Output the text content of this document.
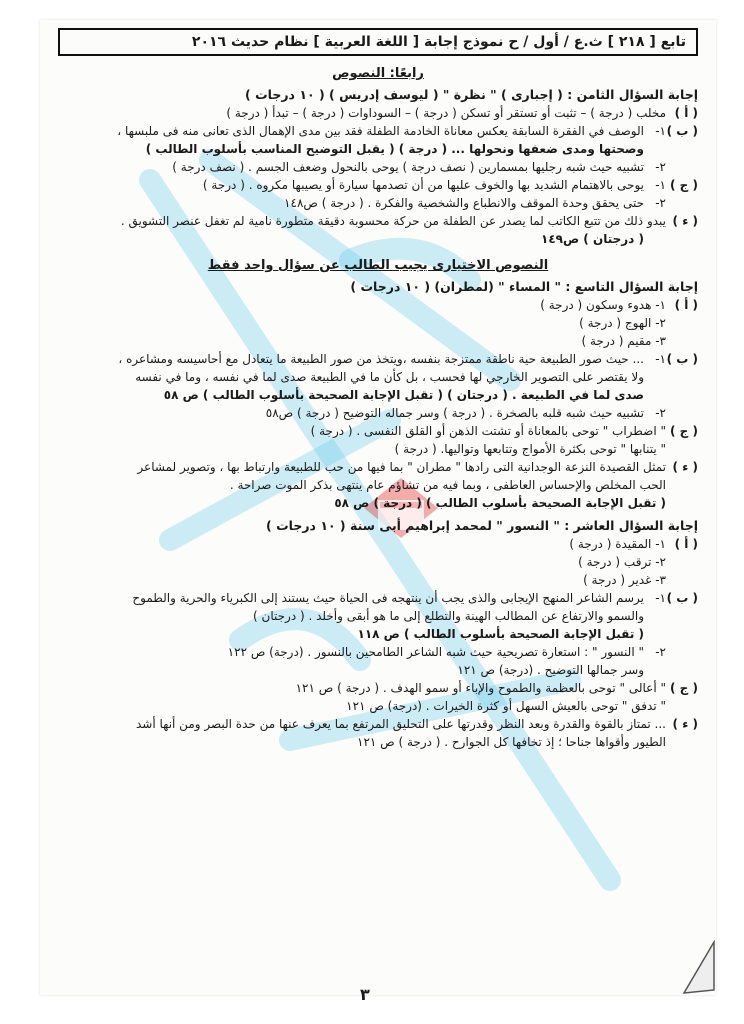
تابع [ ٢١٨ ] ث.ع / أول / ح نموذج إجابة [ اللغة العربية ] نظام حديث ٢٠١٦
رابعًا: النصوص
إجابة السؤال الثامن : ( إجبارى ) " نظرة " ( ليوسف إدريس ) ( ١٠ درجات )
( أ )
مخلب ( درجة ) – تثبت أو تستقر أو تسكن ( درجة ) – السوداوات ( درجة ) – تبدأ ( درجة )
( ب )
١-
الوصف في الفقرة السابقة يعكس معاناة الخادمة الطفلة فقد بين مدى الإهمال الذى تعانى منه فى ملبسها ،
وصحتها ومدى ضعفها ونحولها ... ( درجة ) ( يقبل التوضيح المناسب بأسلوب الطالب )
٢-
تشبيه حيث شبه رجليها بمسمارين ( نصف درجة ) يوحى بالنحول وضعف الجسم . ( نصف درجة )
( ج )
١-
يوحى بالاهتمام الشديد بها والخوف عليها من أن تصدمها سيارة أو يصيبها مكروه . ( درجة )
٢-
حتى يحقق وحدة الموقف والانطباع والشخصية والفكرة . ( درجة ) ص١٤٨
( ء )
يبدو ذلك من تتبع الكاتب لما يصدر عن الطفلة من حركة محسوبة دقيقة متطورة نامية لم تغفل عنصر التشويق .
( درجتان ) ص١٤٩
النصوص الاختيارى يجيب الطالب عن سؤال واحد فقط
إجابة السؤال التاسع : " المساء " (لمطران) ( ١٠ درجات )
( أ )
١- هدوء وسكون ( درجة )
٢- الهوج ( درجة )
٣- مقيم ( درجة )
( ب )
١-
... حيث صور الطبيعة حية ناطقة ممتزجة بنفسه ،ويتخذ من صور الطبيعة ما يتعادل مع أحاسيسه ومشاعره ،
ولا يقتصر على التصوير الخارجي لها فحسب ، بل كأن ما في الطبيعة صدى لما في نفسه ، وما في نفسه
صدى لما في الطبيعة . ( درجتان ) ( تقبل الإجابة الصحيحة بأسلوب الطالب ) ص ٥٨
٢-
تشبيه حيث شبه قلبه بالصخرة . ( درجة ) وسر جماله التوضيح ( درجة ) ص٥٨
( ج )
" اضطراب " توحى بالمعاناة أو تشتت الذهن أو القلق النفسى . ( درجة )
" يتنابها " توحى بكثرة الأمواج وتتابعها وتواليها. ( درجة )
( ء )
تمثل القصيدة النزعة الوجدانية التى رادها " مطران " بما فيها من حب للطبيعة وارتباط بها ، وتصوير لمشاعر
الحب المخلص والإحساس العاطفى ، وبما فيه من تشاؤم عام ينتهى بذكر الموت صراحة .
( تقبل الإجابة الصحيحة بأسلوب الطالب ) ( درجة ) ص ٥٨
إجابة السؤال العاشر : " النسور " لمحمد إبراهيم أبى سنة ( ١٠ درجات )
( أ )
١- المقيدة ( درجة )
٢- ترقب ( درجة )
٣- غدير ( درجة )
( ب )
١-
يرسم الشاعر المنهج الإيجابى والذى يجب أن ينتهجه فى الحياة حيث يستند إلى الكبرياء والحرية والطموح
والسمو والارتفاع عن المطالب الهينة والتطلع إلى ما هو أبقى وأخلد . ( درجتان )
( تقبل الإجابة الصحيحة بأسلوب الطالب ) ص ١١٨
٢-
" النسور " : استعارة تصريحية حيث شبه الشاعر الطامحين بالنسور . (درجة) ص ١٢٢
وسر جمالها التوضيح . (درجة) ص ١٢١
( ج )
" أعالى " توحى بالعظمة والطموح والإباء أو سمو الهدف . ( درجة ) ص ١٢١
" تدفق " توحى بالعيش السهل أو كثرة الخيرات . (درجة) ص ١٢١
( ء )
... تمتاز بالقوة والقدرة وبعد النظر وقدرتها على التحليق المرتفع بما يعرف عنها من حدة البصر ومن أنها أشد
الطيور وأقواها جناحا ؛ إذ تخافها كل الجوارح . ( درجة ) ص ١٢١
٣
